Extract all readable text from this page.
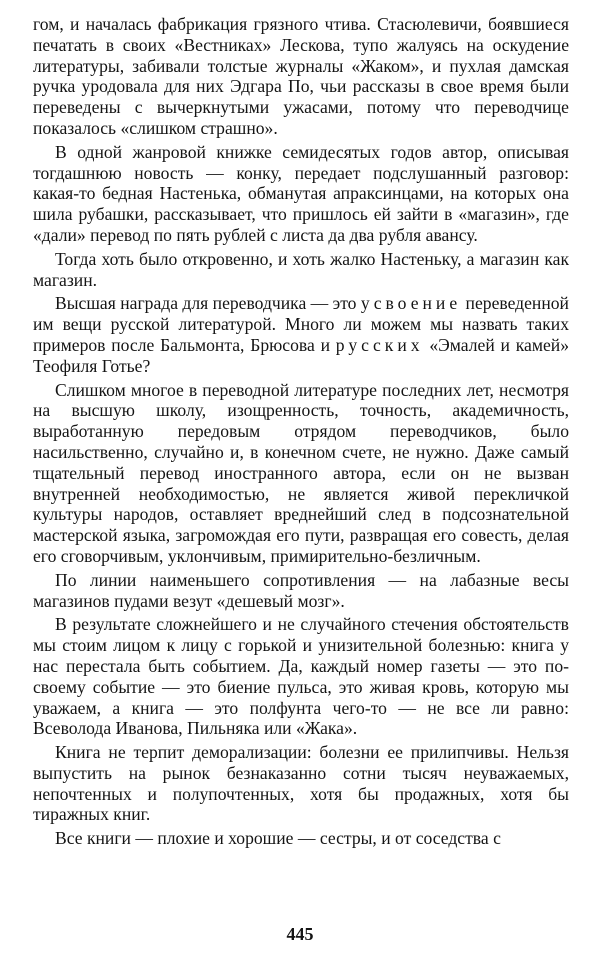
гом, и началась фабрикация грязного чтива. Стасюлевичи, боявшиеся печатать в своих «Вестниках» Лескова, тупо жалуясь на оскудение литературы, забивали толстые журналы «Жаком», и пухлая дамская ручка уродовала для них Эдгара По, чьи рассказы в свое время были переведены с вычеркнутыми ужасами, потому что переводчице показалось «слишком страшно».

В одной жанровой книжке семидесятых годов автор, описывая тогдашнюю новость — конку, передает подслушанный разговор: какая-то бедная Настенька, обманутая апраксинцами, на которых она шила рубашки, рассказывает, что пришлось ей зайти в «магазин», где «дали» перевод по пять рублей с листа да два рубля авансу.

Тогда хоть было откровенно, и хоть жалко Настеньку, а магазин как магазин.

Высшая награда для переводчика — это усвоение переведенной им вещи русской литературой. Много ли можем мы назвать таких примеров после Бальмонта, Брюсова и русских «Эмалей и камей» Теофиля Готье?

Слишком многое в переводной литературе последних лет, несмотря на высшую школу, изощренность, точность, академичность, выработанную передовым отрядом переводчиков, было насильственно, случайно и, в конечном счете, не нужно. Даже самый тщательный перевод иностранного автора, если он не вызван внутренней необходимостью, не является живой перекличкой культуры народов, оставляет вреднейший след в подсознательной мастерской языка, загромождая его пути, развращая его совесть, делая его сговорчивым, уклончивым, примирительно-безличным.

По линии наименьшего сопротивления — на лабазные весы магазинов пудами везут «дешевый мозг».

В результате сложнейшего и не случайного стечения обстоятельств мы стоим лицом к лицу с горькой и унизительной болезнью: книга у нас перестала быть событием. Да, каждый номер газеты — это по-своему событие — это биение пульса, это живая кровь, которую мы уважаем, а книга — это полфунта чего-то — не все ли равно: Всеволода Иванова, Пильняка или «Жака».

Книга не терпит деморализации: болезни ее прилипчивы. Нельзя выпустить на рынок безнаказанно сотни тысяч неуважаемых, непочтенных и полупочтенных, хотя бы продажных, хотя бы тиражных книг.

Все книги — плохие и хорошие — сестры, и от соседства с

445
